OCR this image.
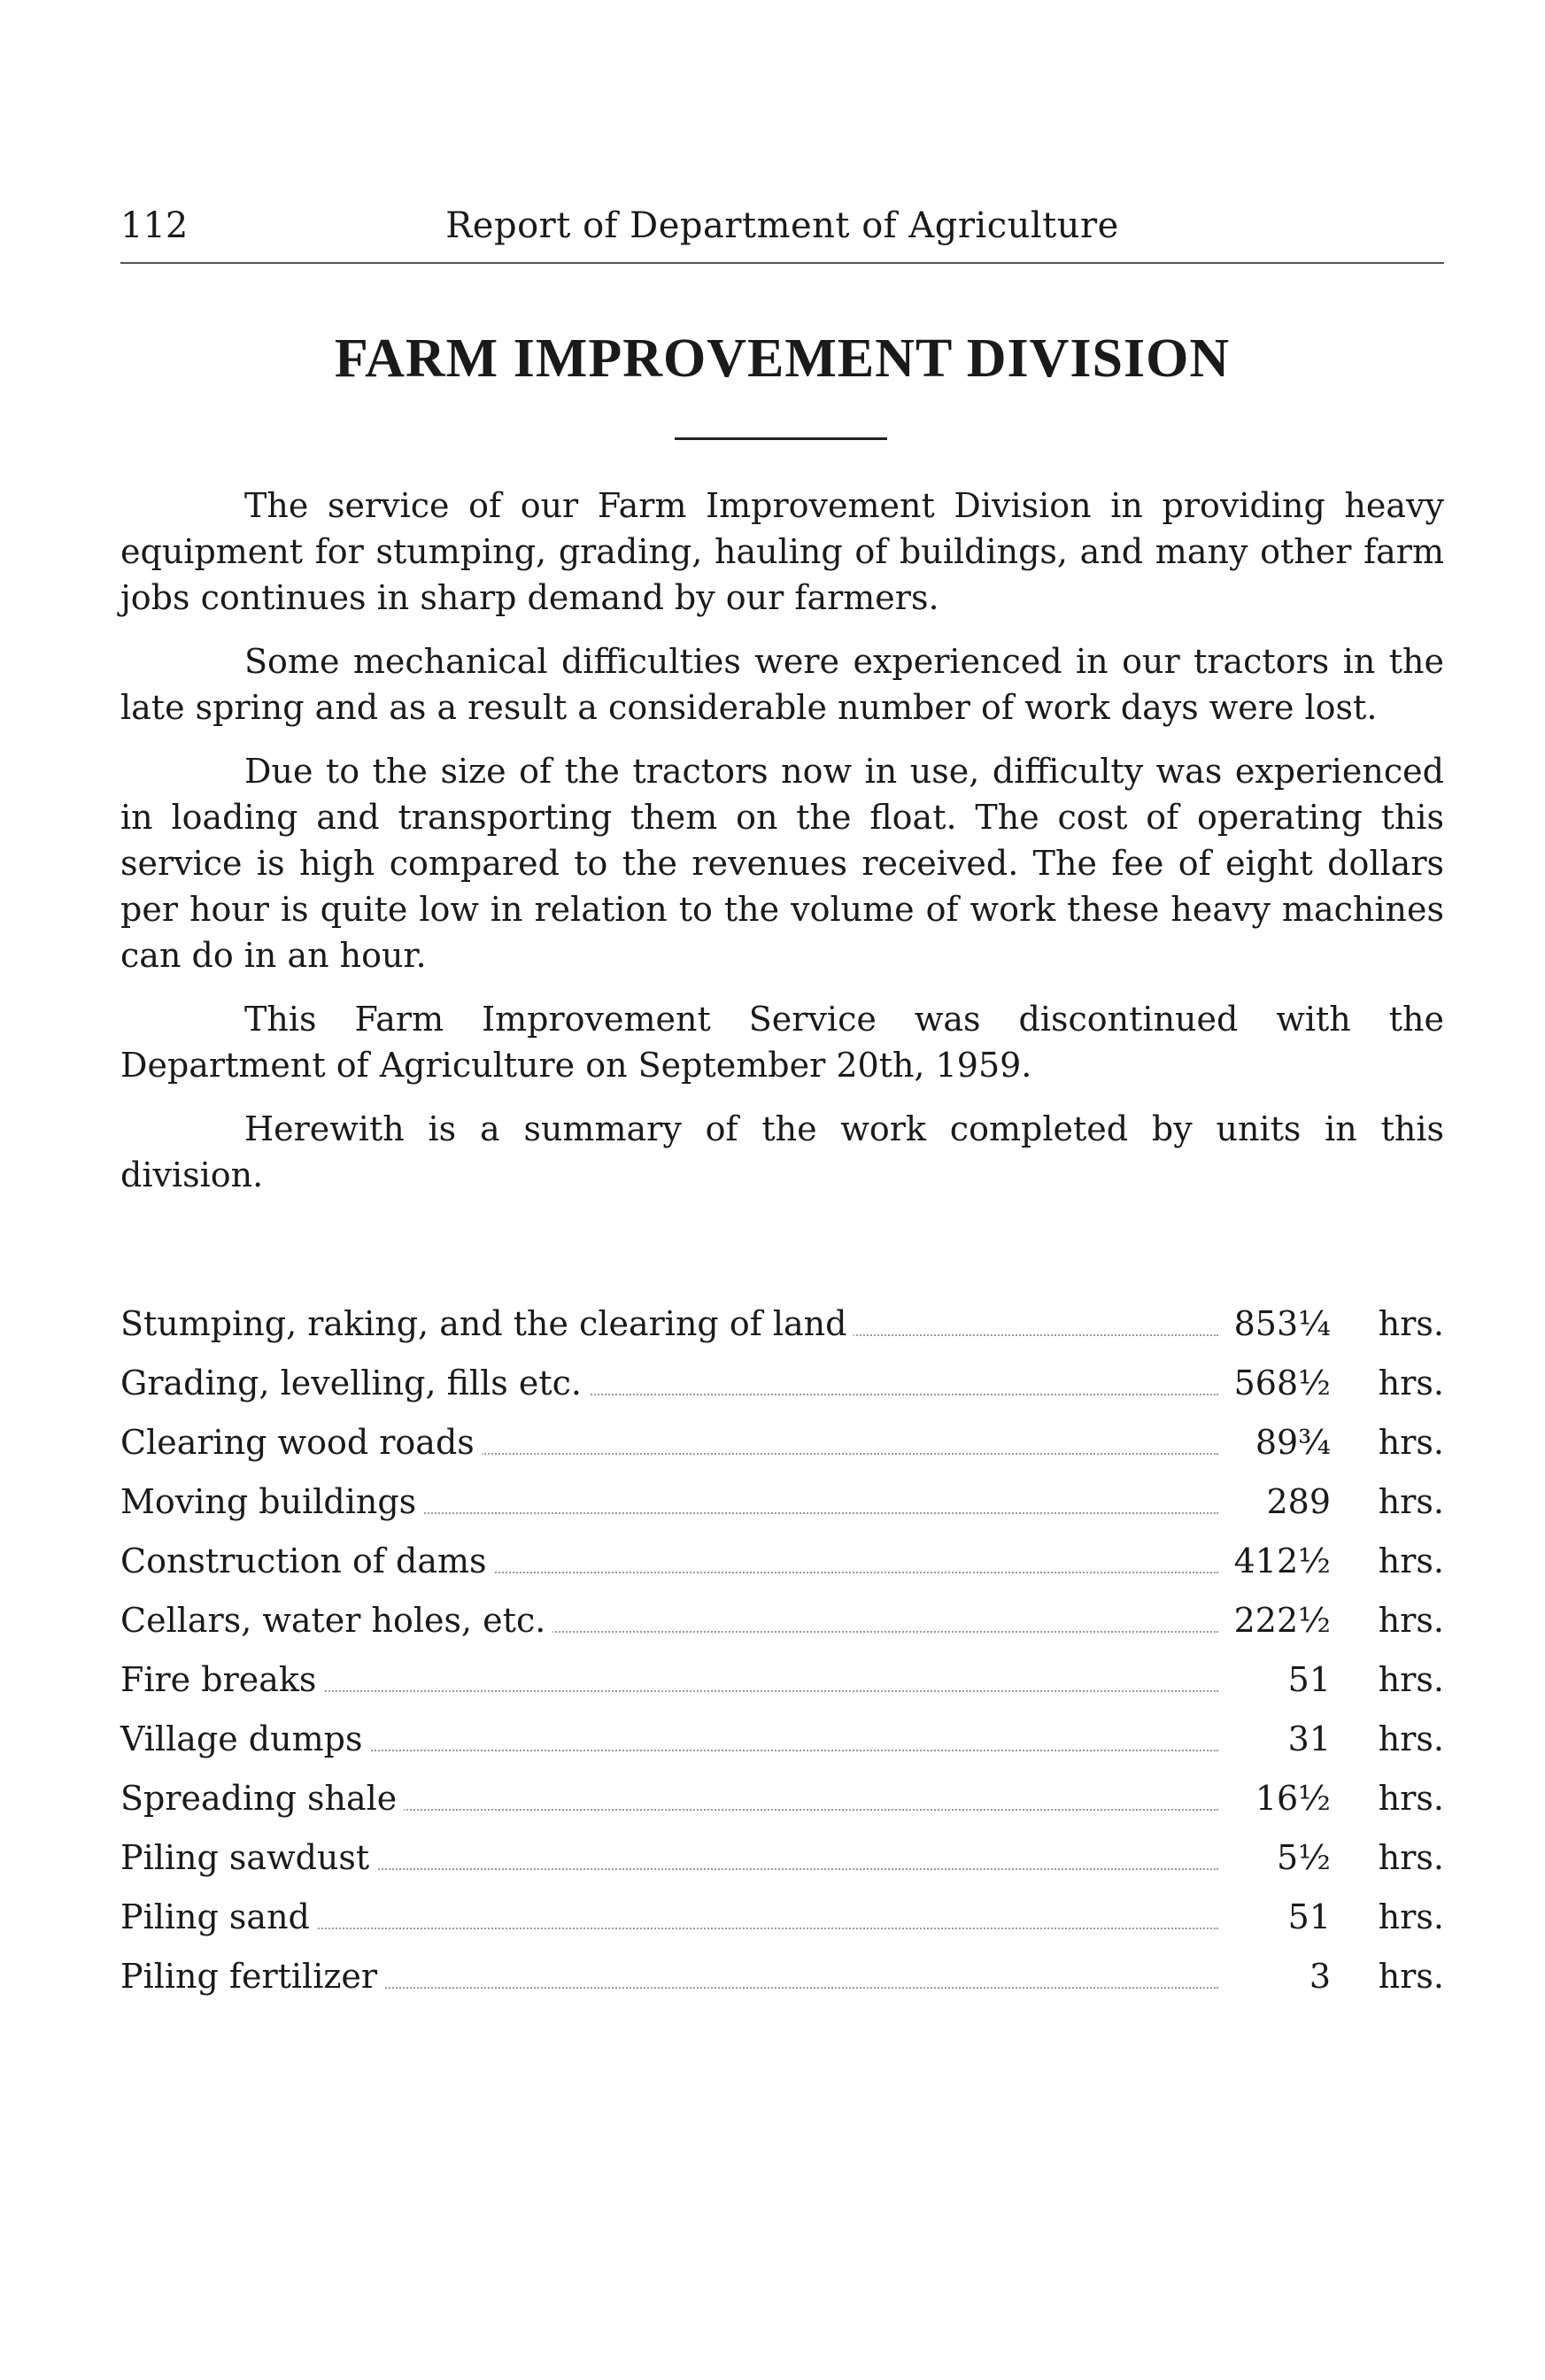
112	Report of Department of Agriculture
FARM IMPROVEMENT DIVISION

The service of our Farm Improvement Division in providing heavy equipment for stumping, grading, hauling of buildings, and many other farm jobs continues in sharp demand by our farmers.

Some mechanical difficulties were experienced in our tractors in the late spring and as a result a considerable number of work days were lost.

Due to the size of the tractors now in use, difficulty was experienced in loading and transporting them on the float. The cost of operating this service is high compared to the revenues received. The fee of eight dollars per hour is quite low in relation to the volume of work these heavy machines can do in an hour.

This Farm Improvement Service was discontinued with the Department of Agriculture on September 20th, 1959.

Herewith is a summary of the work completed by units in this division.

Stumping, raking, and the clearing of land	853¼	hrs.
Grading, levelling, fills etc.	568½	hrs.
Clearing wood roads	89¾	hrs.
Moving buildings	289	hrs.
Construction of dams	412½	hrs.
Cellars, water holes, etc.	222½	hrs.
Fire breaks	51	hrs.
Village dumps	31	hrs.
Spreading shale	16½	hrs.
Piling sawdust	5½	hrs.
Piling sand	51	hrs.
Piling fertilizer	3	hrs.
